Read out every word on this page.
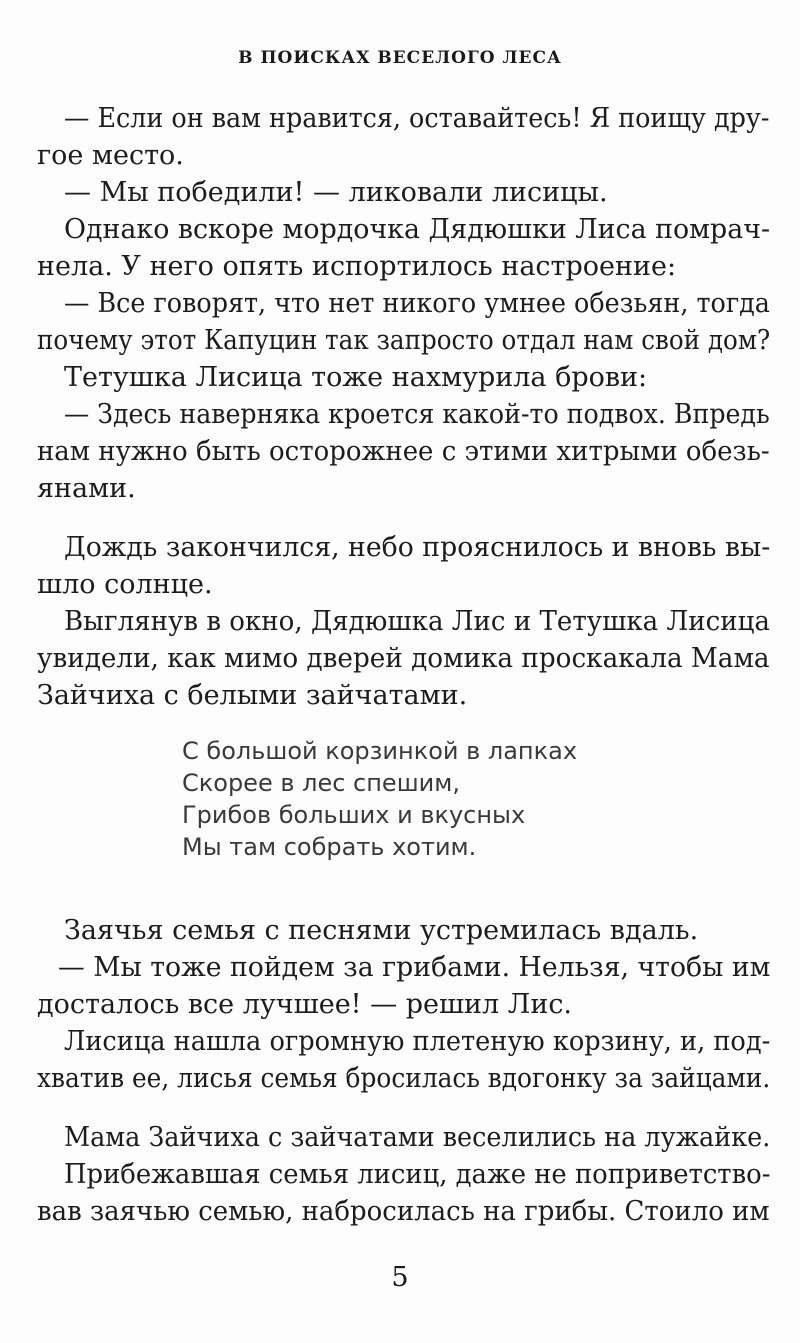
В ПОИСКАХ ВЕСЕЛОГО ЛЕСА
— Если он вам нравится, оставайтесь! Я поищу дру-
гое место.
— Мы победили! — ликовали лисицы.
Однако вскоре мордочка Дядюшки Лиса помрач-
нела. У него опять испортилось настроение:
— Все говорят, что нет никого умнее обезьян, тогда
почему этот Капуцин так запросто отдал нам свой дом?
Тетушка Лисица тоже нахмурила брови:
— Здесь наверняка кроется какой-то подвох. Впредь
нам нужно быть осторожнее с этими хитрыми обезь-
янами.
Дождь закончился, небо прояснилось и вновь вы-
шло солнце.
Выглянув в окно, Дядюшка Лис и Тетушка Лисица
увидели, как мимо дверей домика проскакала Мама
Зайчиха с белыми зайчатами.
С большой корзинкой в лапках
Скорее в лес спешим,
Грибов больших и вкусных
Мы там собрать хотим.
Заячья семья с песнями устремилась вдаль.
— Мы тоже пойдем за грибами. Нельзя, чтобы им
досталось все лучшее! — решил Лис.
Лисица нашла огромную плетеную корзину, и, под-
хватив ее, лисья семья бросилась вдогонку за зайцами.
Мама Зайчиха с зайчатами веселились на лужайке.
Прибежавшая семья лисиц, даже не поприветство-
вав заячью семью, набросилась на грибы. Стоило им
5
